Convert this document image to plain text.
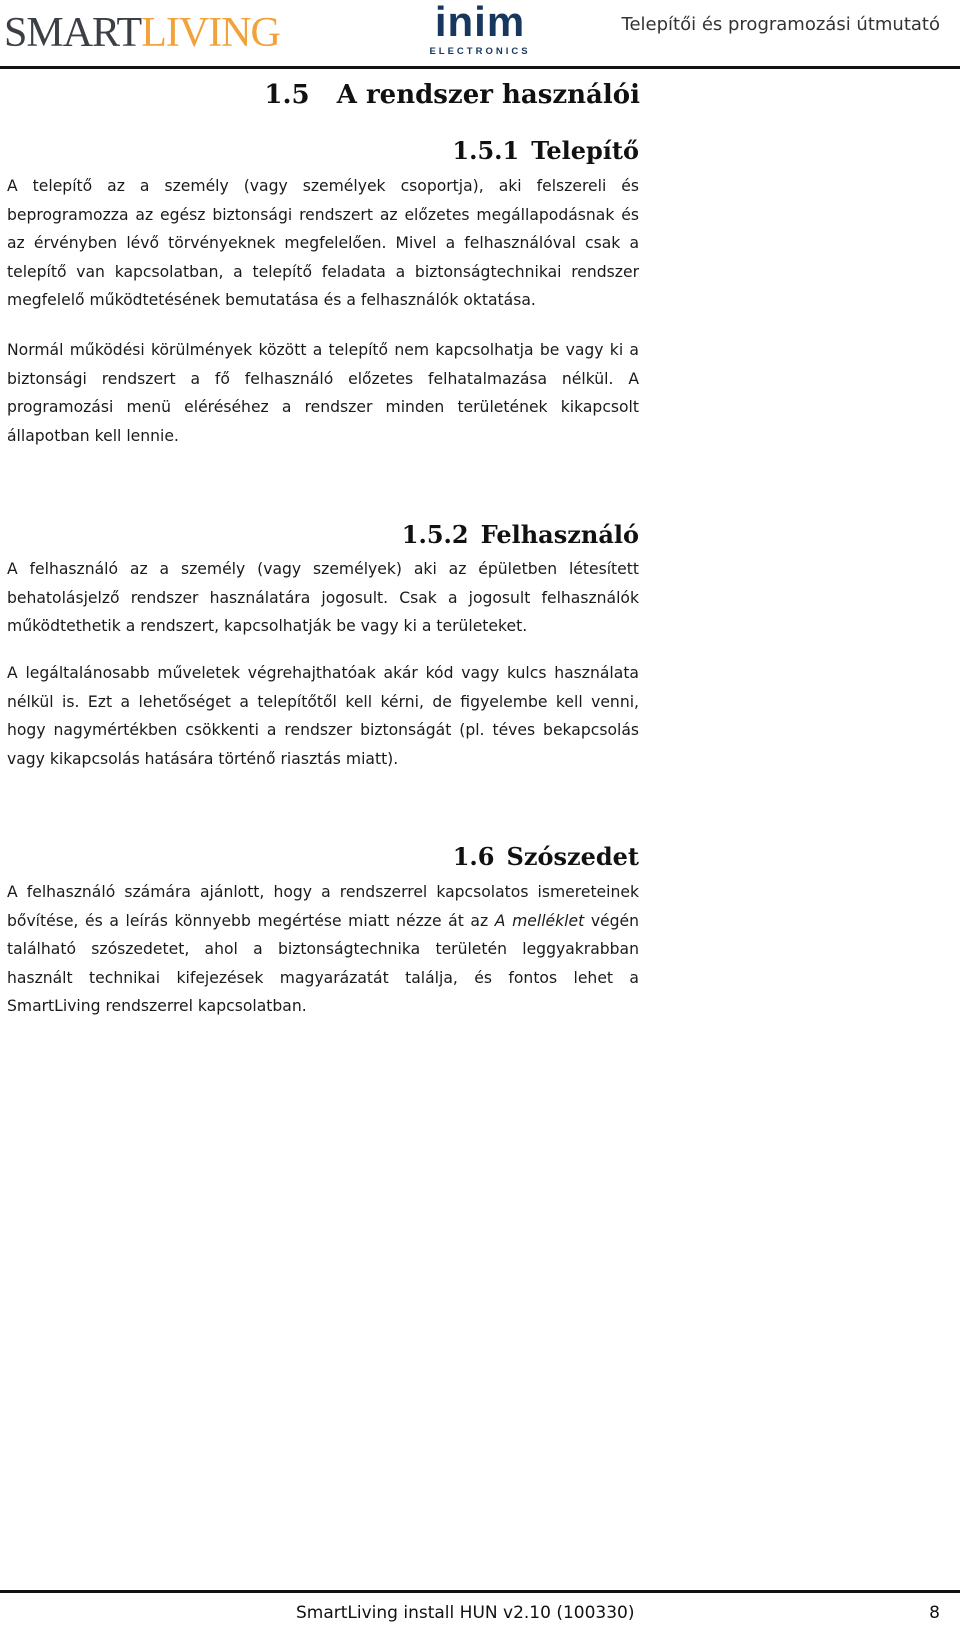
SMARTLIVING	inim
ELECTRONICS
Telepítői és programozási útmutató
1.5   A rendszer használói
1.5.1 Telepítő

A telepítő az a személy (vagy személyek csoportja), aki felszereli és beprogramozza az egész biztonsági rendszert az előzetes megállapodásnak és az érvényben lévő törvényeknek megfelelően. Mivel a felhasználóval csak a telepítő van kapcsolatban, a telepítő feladata a biztonságtechnikai rendszer megfelelő működtetésének bemutatása és a felhasználók oktatása.

Normál működési körülmények között a telepítő nem kapcsolhatja be vagy ki a biztonsági rendszert a fő felhasználó előzetes felhatalmazása nélkül. A programozási menü eléréséhez a rendszer minden területének kikapcsolt állapotban kell lennie.

1.5.2 Felhasználó

A felhasználó az a személy (vagy személyek) aki az épületben létesített behatolásjelző rendszer használatára jogosult. Csak a jogosult felhasználók működtethetik a rendszert, kapcsolhatják be vagy ki a területeket.

A legáltalánosabb műveletek végrehajthatóak akár kód vagy kulcs használata nélkül is. Ezt a lehetőséget a telepítőtől kell kérni, de figyelembe kell venni, hogy nagymértékben csökkenti a rendszer biztonságát (pl. téves bekapcsolás vagy kikapcsolás hatására történő riasztás miatt).

1.6 Szószedet

A felhasználó számára ajánlott, hogy a rendszerrel kapcsolatos ismereteinek bővítése, és a leírás könnyebb megértése miatt nézze át az A melléklet végén található szószedetet, ahol a biztonságtechnika területén leggyakrabban használt technikai kifejezések magyarázatát találja, és fontos lehet a SmartLiving rendszerrel kapcsolatban.

SmartLiving install HUN v2.10 (100330)	8
